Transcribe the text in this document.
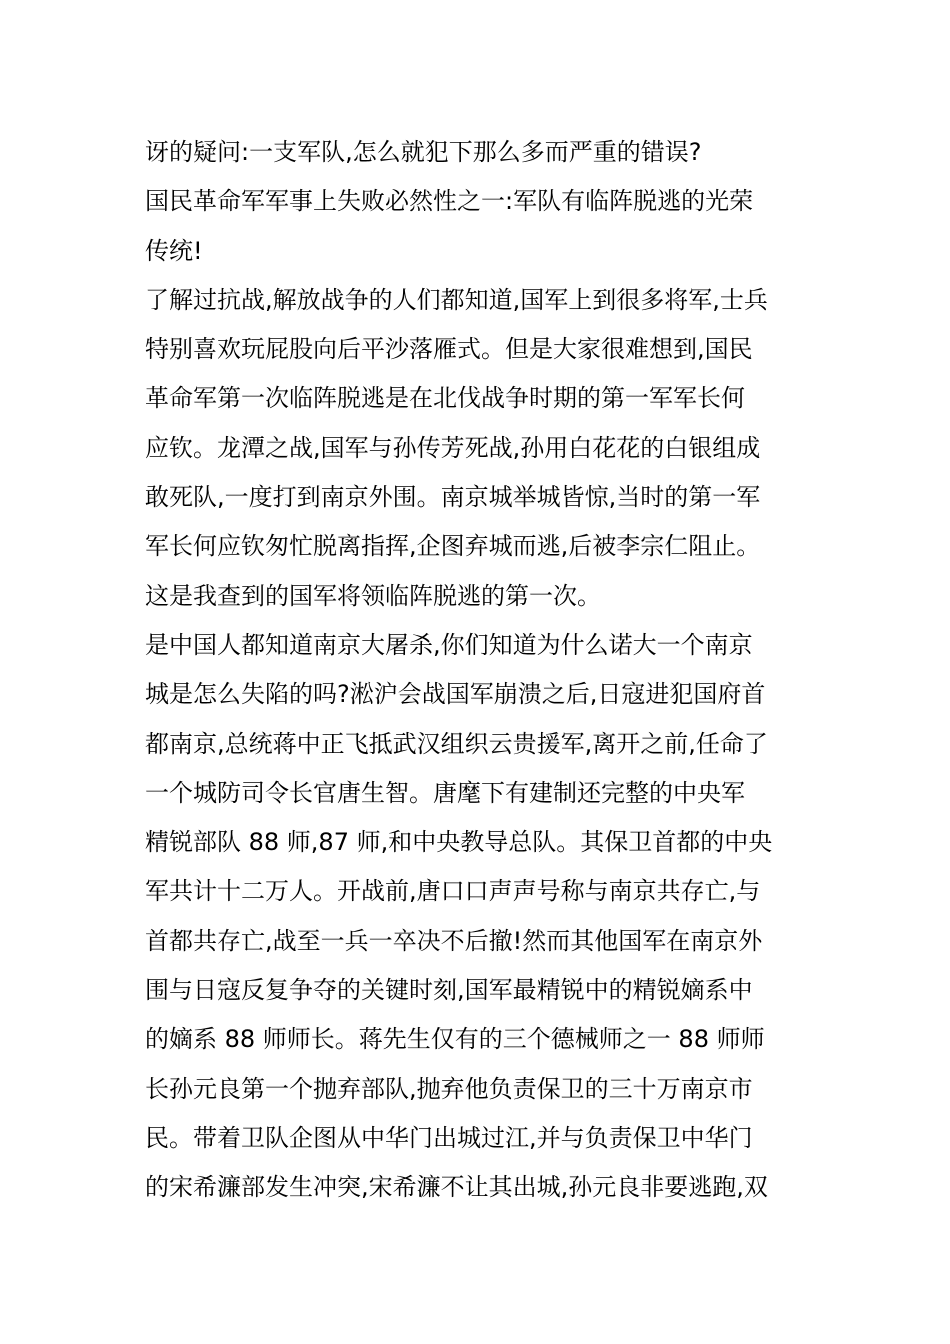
讶的疑问:一支军队,怎么就犯下那么多而严重的错误?
国民革命军军事上失败必然性之一:军队有临阵脱逃的光荣
传统!
了解过抗战,解放战争的人们都知道,国军上到很多将军,士兵
特别喜欢玩屁股向后平沙落雁式。但是大家很难想到,国民
革命军第一次临阵脱逃是在北伐战争时期的第一军军长何
应钦。龙潭之战,国军与孙传芳死战,孙用白花花的白银组成
敢死队,一度打到南京外围。南京城举城皆惊,当时的第一军
军长何应钦匆忙脱离指挥,企图弃城而逃,后被李宗仁阻止。
这是我查到的国军将领临阵脱逃的第一次。
是中国人都知道南京大屠杀,你们知道为什么诺大一个南京
城是怎么失陷的吗?淞沪会战国军崩溃之后,日寇进犯国府首
都南京,总统蒋中正飞抵武汉组织云贵援军,离开之前,任命了
一个城防司令长官唐生智。唐麾下有建制还完整的中央军
精锐部队 88 师,87 师,和中央教导总队。其保卫首都的中央
军共计十二万人。开战前,唐口口声声号称与南京共存亡,与
首都共存亡,战至一兵一卒决不后撤!然而其他国军在南京外
围与日寇反复争夺的关键时刻,国军最精锐中的精锐嫡系中
的嫡系 88 师师长。蒋先生仅有的三个德械师之一 88 师师
长孙元良第一个抛弃部队,抛弃他负责保卫的三十万南京市
民。带着卫队企图从中华门出城过江,并与负责保卫中华门
的宋希濂部发生冲突,宋希濂不让其出城,孙元良非要逃跑,双
